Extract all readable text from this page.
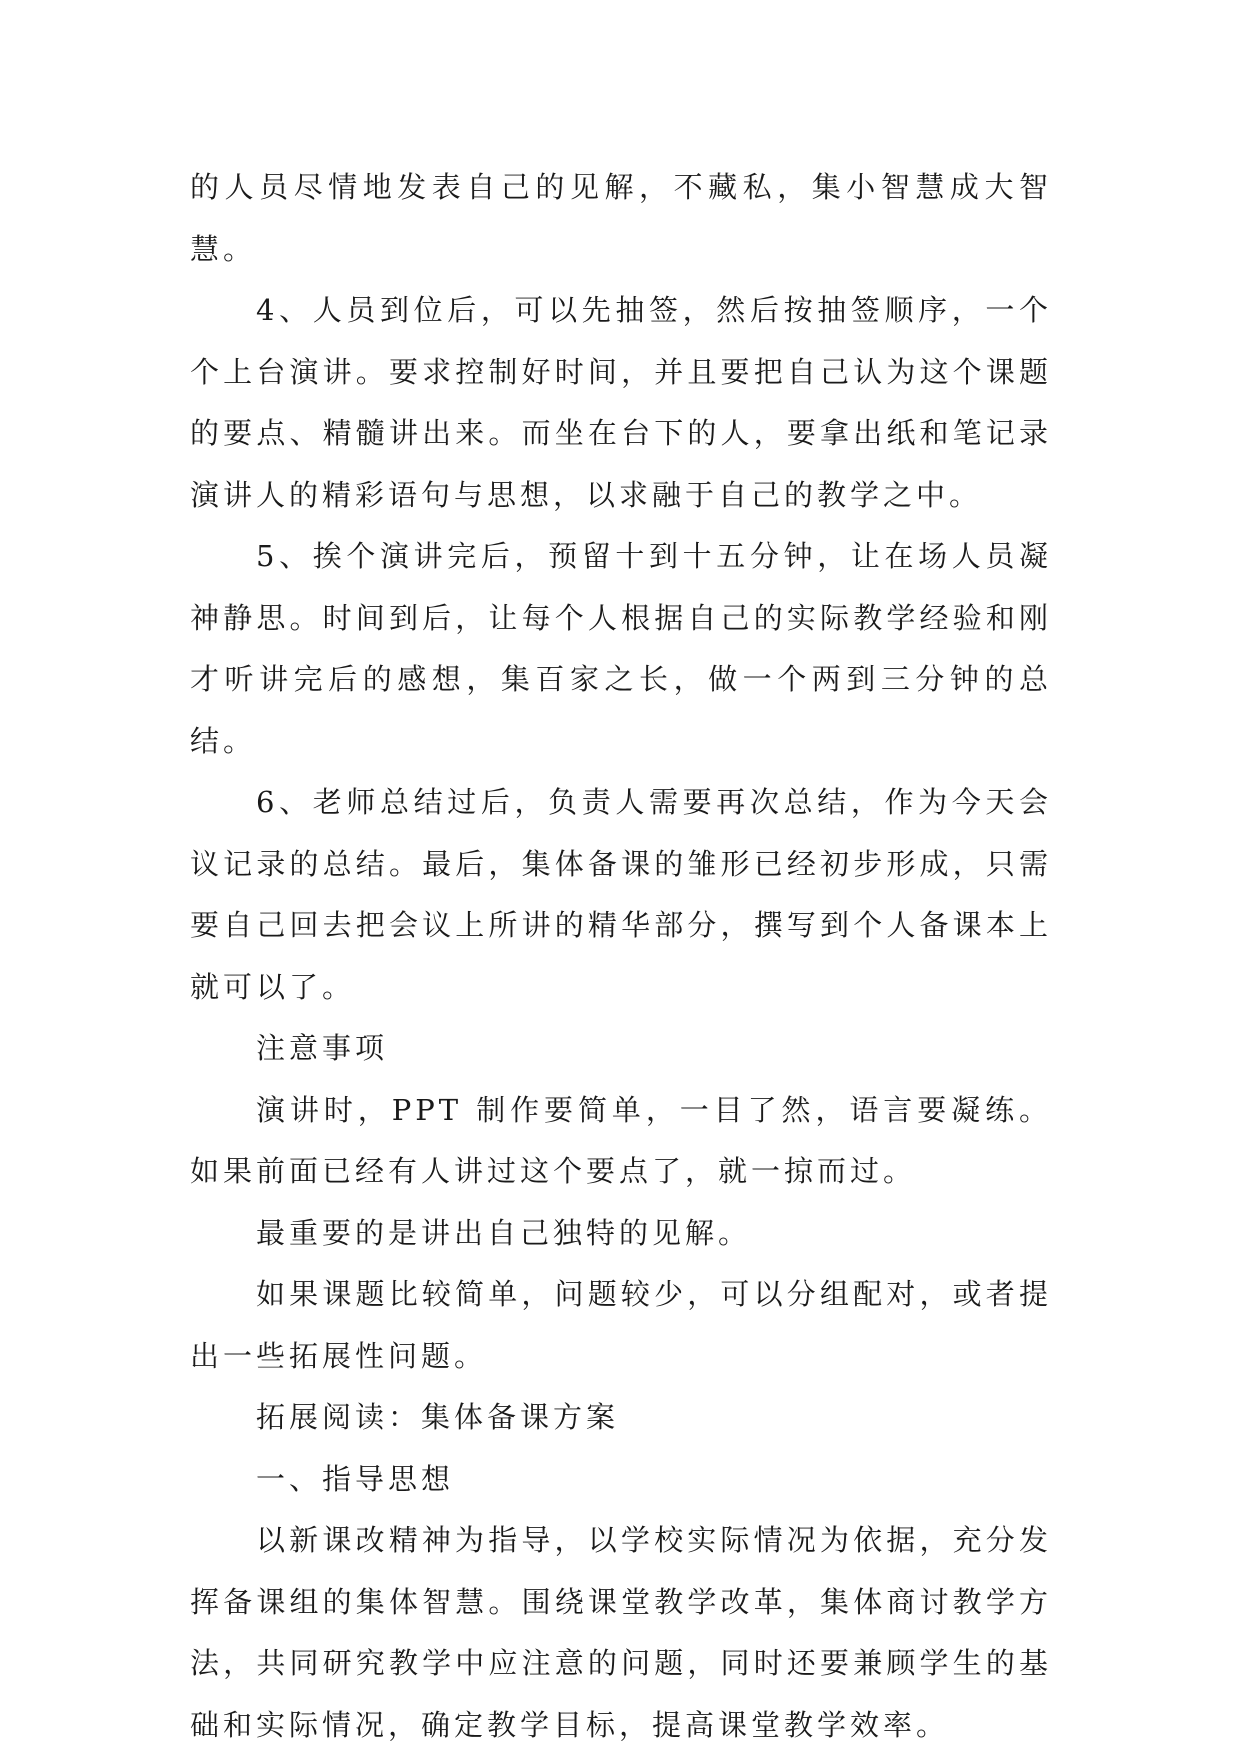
的人员尽情地发表自己的见解，不藏私，集小智慧成大智慧。

4、人员到位后，可以先抽签，然后按抽签顺序，一个个上台演讲。要求控制好时间，并且要把自己认为这个课题的要点、精髓讲出来。而坐在台下的人，要拿出纸和笔记录演讲人的精彩语句与思想，以求融于自己的教学之中。

5、挨个演讲完后，预留十到十五分钟，让在场人员凝神静思。时间到后，让每个人根据自己的实际教学经验和刚才听讲完后的感想，集百家之长，做一个两到三分钟的总结。

6、老师总结过后，负责人需要再次总结，作为今天会议记录的总结。最后，集体备课的雏形已经初步形成，只需要自己回去把会议上所讲的精华部分，撰写到个人备课本上就可以了。

注意事项

演讲时，PPT 制作要简单，一目了然，语言要凝练。如果前面已经有人讲过这个要点了，就一掠而过。

最重要的是讲出自己独特的见解。

如果课题比较简单，问题较少，可以分组配对，或者提出一些拓展性问题。

拓展阅读：集体备课方案

一、指导思想

以新课改精神为指导，以学校实际情况为依据，充分发挥备课组的集体智慧。围绕课堂教学改革，集体商讨教学方法，共同研究教学中应注意的问题，同时还要兼顾学生的基础和实际情况，确定教学目标，提高课堂教学效率。
